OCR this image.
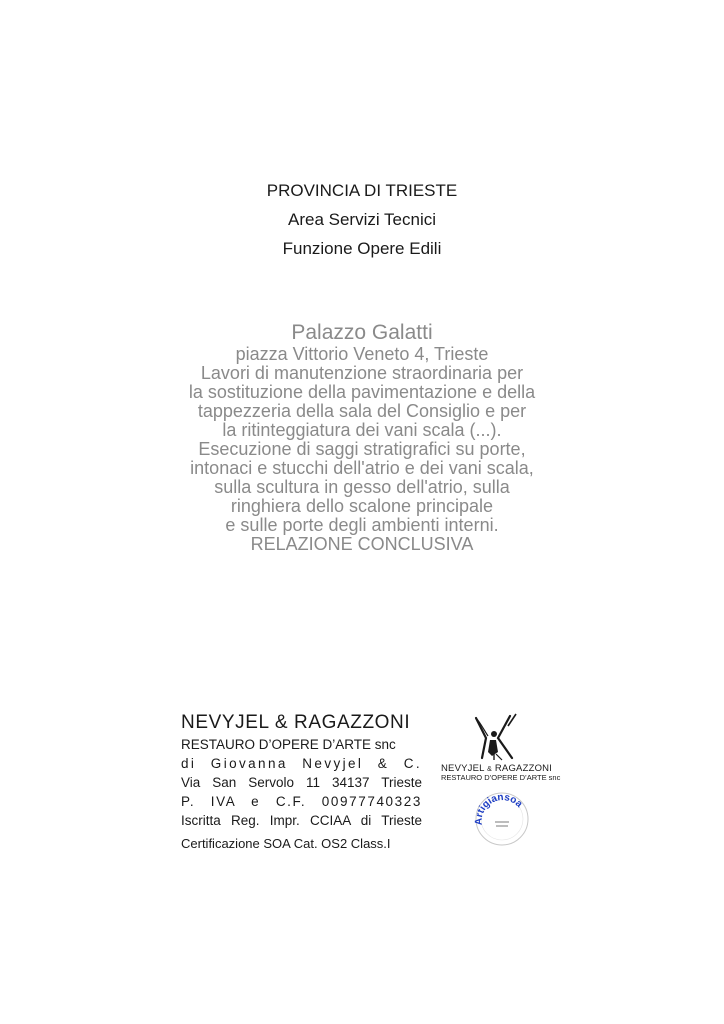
PROVINCIA DI TRIESTE
Area Servizi Tecnici
Funzione Opere Edili
Palazzo Galatti
piazza Vittorio Veneto 4, Trieste
Lavori di manutenzione straordinaria per
la sostituzione della pavimentazione e della
tappezzeria della sala del Consiglio e per
la ritinteggiatura dei vani scala (...).
Esecuzione di saggi stratigrafici su porte,
intonaci e stucchi dell'atrio e dei vani scala,
sulla scultura in gesso dell'atrio, sulla
ringhiera dello scalone principale
e sulle porte degli ambienti interni.
RELAZIONE CONCLUSIVA
NEVYJEL & RAGAZZONI
RESTAURO D’OPERE D’ARTE snc
di Giovanna Nevyjel & C.
Via San Servolo 11 34137 Trieste
P. IVA e C.F. 00977740323
Iscritta Reg. Impr. CCIAA di Trieste
Certificazione SOA Cat. OS2 Class.I
NEVYJEL & RAGAZZONI
RESTAURO D’OPERE D’ARTE snc
Artigiansoa
